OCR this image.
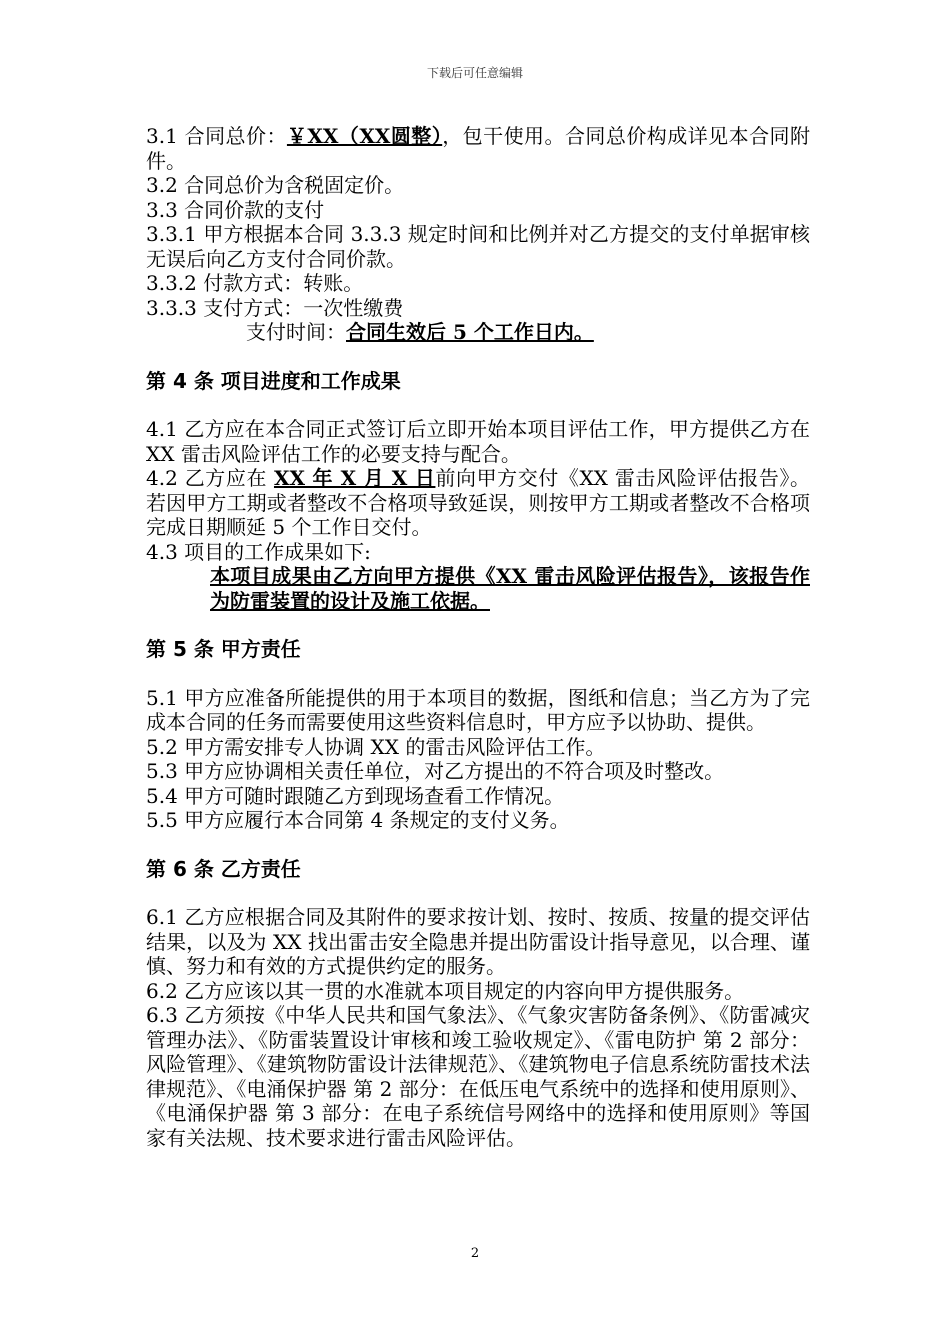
下载后可任意编辑

3.1 合同总价：￥XX（XX圆整），包干使用。合同总价构成详见本合同附件。

3.2 合同总价为含税固定价。

3.3 合同价款的支付

3.3.1 甲方根据本合同 3.3.3 规定时间和比例并对乙方提交的支付单据审核无误后向乙方支付合同价款。

3.3.2 付款方式：转账。

3.3.3 支付方式：一次性缴费

支付时间：合同生效后 5 个工作日内。

第 4 条 项目进度和工作成果

4.1 乙方应在本合同正式签订后立即开始本项目评估工作，甲方提供乙方在 XX 雷击风险评估工作的必要支持与配合。

4.2 乙方应在 XX 年 X 月 X 日前向甲方交付《XX 雷击风险评估报告》。若因甲方工期或者整改不合格项导致延误，则按甲方工期或者整改不合格项完成日期顺延 5 个工作日交付。

4.3 项目的工作成果如下:

本项目成果由乙方向甲方提供《XX 雷击风险评估报告》，该报告作为防雷装置的设计及施工依据。

第 5 条 甲方责任

5.1 甲方应准备所能提供的用于本项目的数据，图纸和信息；当乙方为了完成本合同的任务而需要使用这些资料信息时，甲方应予以协助、提供。

5.2 甲方需安排专人协调 XX 的雷击风险评估工作。

5.3 甲方应协调相关责任单位，对乙方提出的不符合项及时整改。

5.4 甲方可随时跟随乙方到现场查看工作情况。

5.5 甲方应履行本合同第 4 条规定的支付义务。

第 6 条 乙方责任

6.1 乙方应根据合同及其附件的要求按计划、按时、按质、按量的提交评估结果，以及为 XX 找出雷击安全隐患并提出防雷设计指导意见，以合理、谨慎、努力和有效的方式提供约定的服务。

6.2 乙方应该以其一贯的水准就本项目规定的内容向甲方提供服务。

6.3 乙方须按《中华人民共和国气象法》、《气象灾害防备条例》、《防雷减灾管理办法》、《防雷装置设计审核和竣工验收规定》、《雷电防护 第 2 部分：风险管理》、《建筑物防雷设计法律规范》、《建筑物电子信息系统防雷技术法律规范》、《电涌保护器 第 2 部分：在低压电气系统中的选择和使用原则》、《电涌保护器 第 3 部分：在电子系统信号网络中的选择和使用原则》等国家有关法规、技术要求进行雷击风险评估。

2
